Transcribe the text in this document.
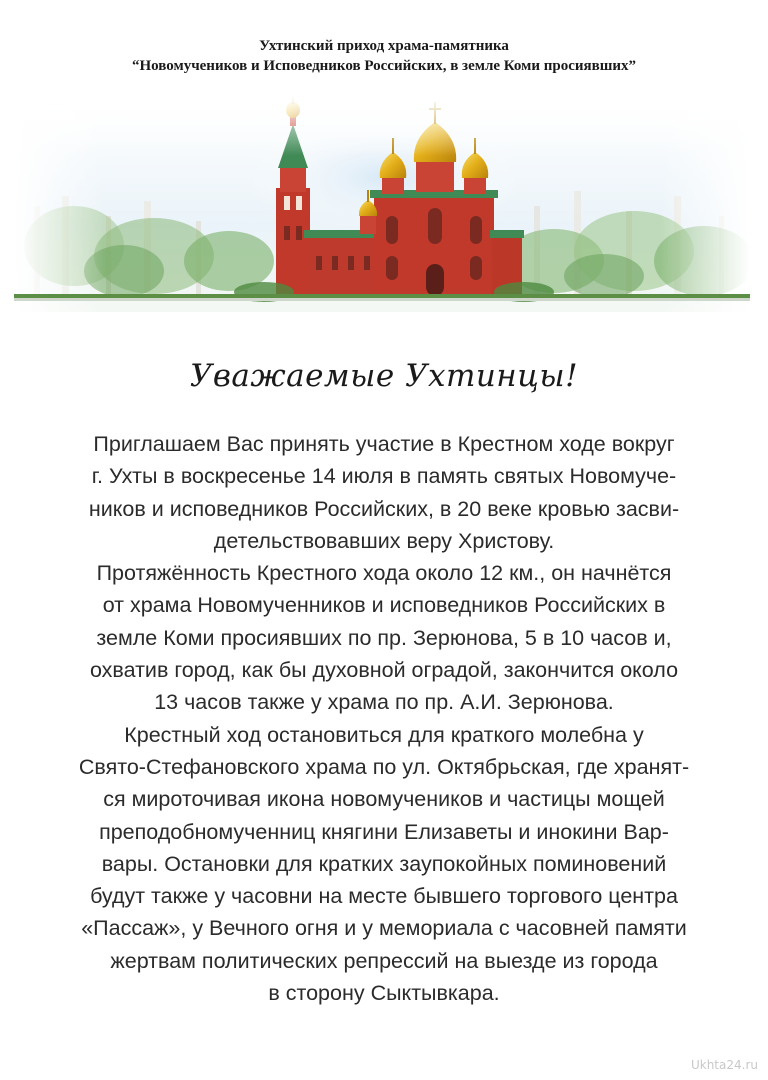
Ухтинский приход храма-памятника
“Новомучеников и Исповедников Российских, в земле Коми просиявших”
Уважаемые Ухтинцы!

Приглашаем Вас принять участие в Крестном ходе вокруг

г. Ухты в воскресенье 14 июля в память святых Новомуче-

ников и исповедников Российских, в 20 веке кровью засви-

детельствовавших веру Христову.

Протяжённость Крестного хода около 12 км., он начнётся

от храма Новомученников и исповедников Российских в

земле Коми просиявших по пр. Зерюнова, 5 в 10 часов и,

охватив город, как бы духовной оградой, закончится около

13 часов также у храма по пр. А.И. Зерюнова.

Крестный ход остановиться для краткого молебна у

Свято-Стефановского храма по ул. Октябрьская, где хранят-

ся мироточивая икона новомучеников и частицы мощей

преподобномученниц княгини Елизаветы и инокини Вар-

вары. Остановки для кратких заупокойных поминовений

будут также у часовни на месте бывшего торгового центра

«Пассаж», у Вечного огня и у мемориала с часовней памяти

жертвам политических репрессий на выезде из города

в сторону Сыктывкара.

Ukhta24.ru
